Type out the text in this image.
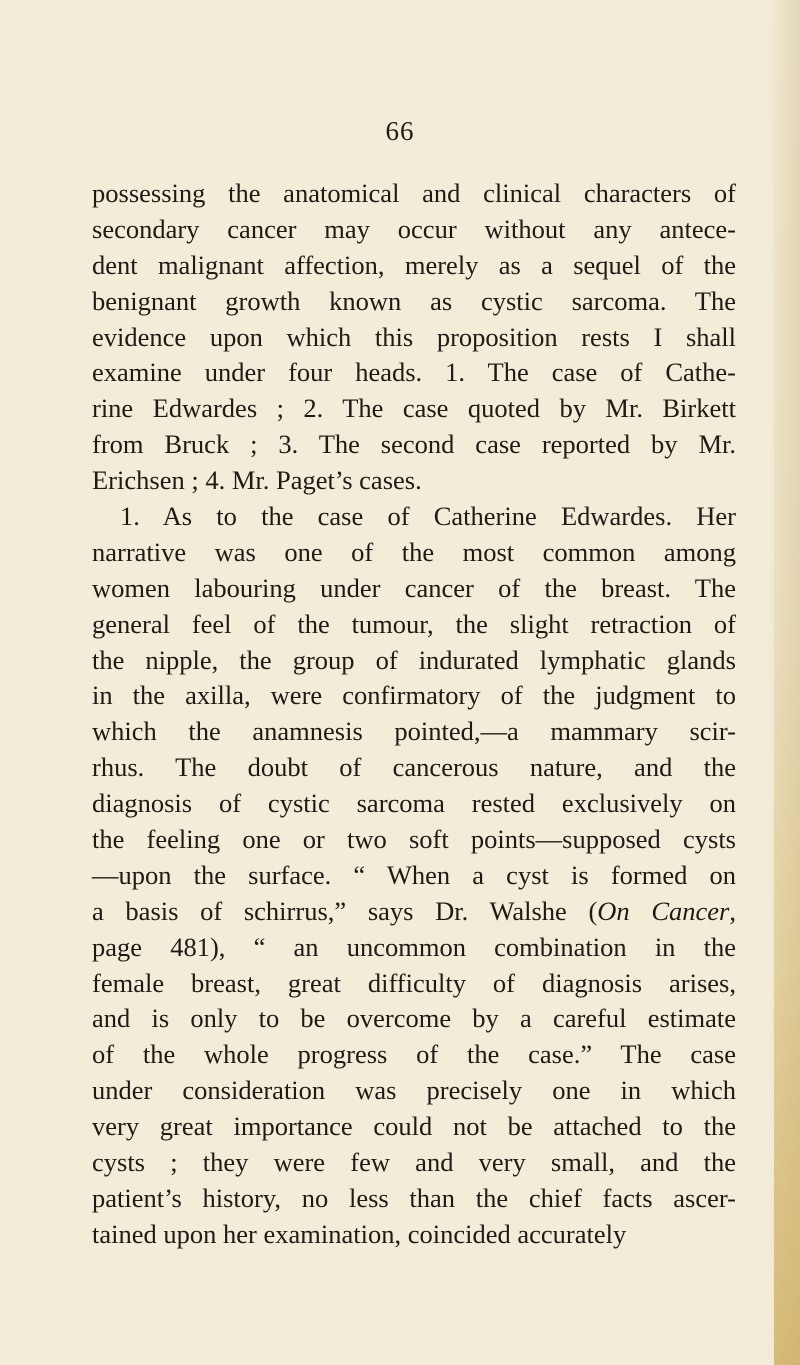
66
possessing the anatomical and clinical characters of
secondary cancer may occur without any antece-
dent malignant affection, merely as a sequel of the
benignant growth known as cystic sarcoma. The
evidence upon which this proposition rests I shall
examine under four heads. 1. The case of Cathe-
rine Edwardes ; 2. The case quoted by Mr. Birkett
from Bruck ; 3. The second case reported by Mr.
Erichsen ; 4. Mr. Paget’s cases.
1. As to the case of Catherine Edwardes. Her
narrative was one of the most common among
women labouring under cancer of the breast. The
general feel of the tumour, the slight retraction of
the nipple, the group of indurated lymphatic glands
in the axilla, were confirmatory of the judgment to
which the anamnesis pointed,—a mammary scir-
rhus. The doubt of cancerous nature, and the
diagnosis of cystic sarcoma rested exclusively on
the feeling one or two soft points—supposed cysts
—upon the surface. “ When a cyst is formed on
a basis of schirrus,” says Dr. Walshe (On Cancer,
page 481), “ an uncommon combination in the
female breast, great difficulty of diagnosis arises,
and is only to be overcome by a careful estimate
of the whole progress of the case.” The case
under consideration was precisely one in which
very great importance could not be attached to the
cysts ; they were few and very small, and the
patient’s history, no less than the chief facts ascer-
tained upon her examination, coincided accurately
